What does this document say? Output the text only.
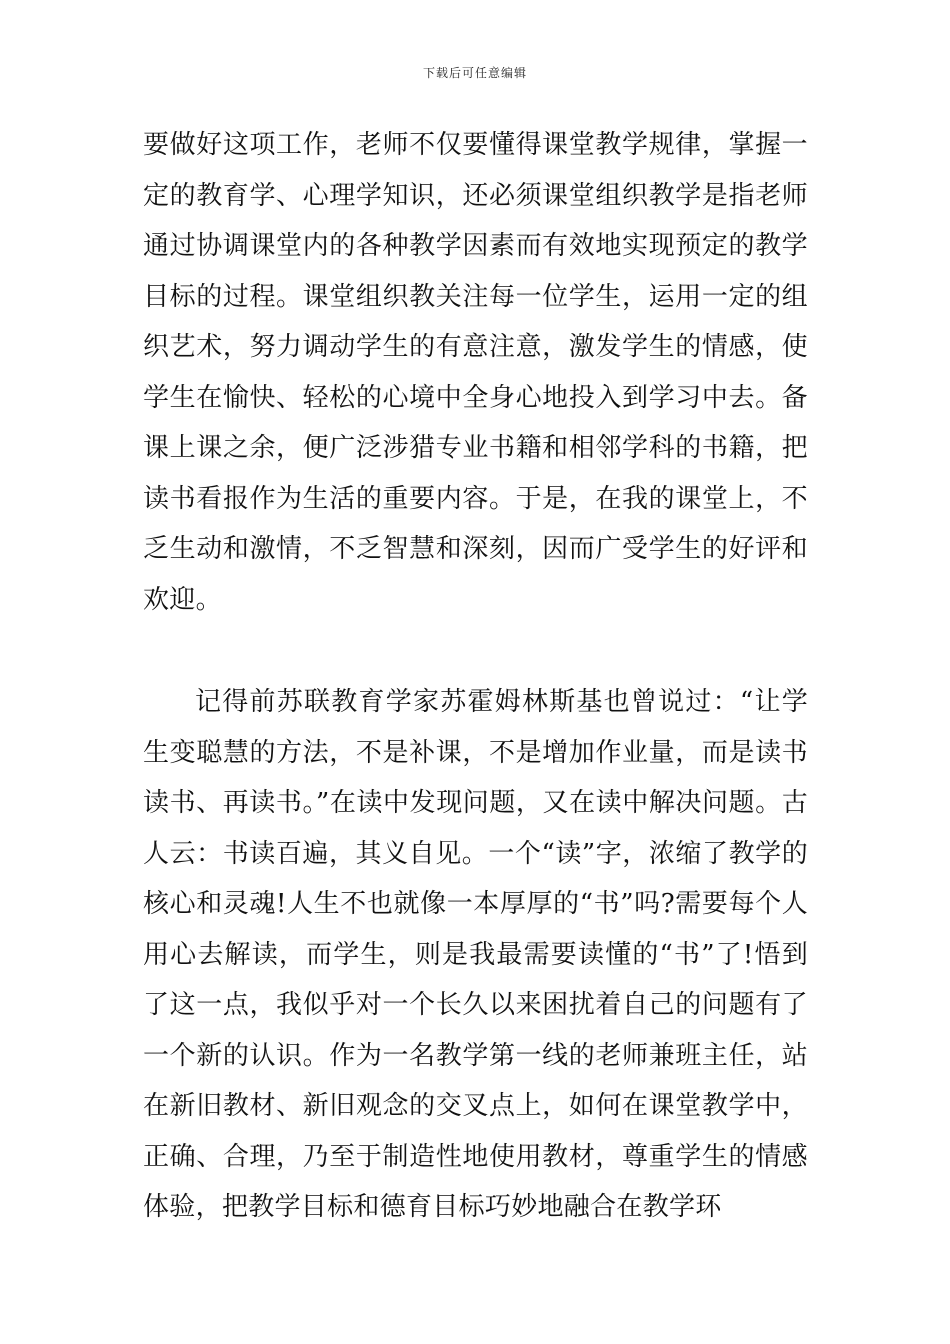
下载后可任意编辑

要做好这项工作，老师不仅要懂得课堂教学规律，掌握一定的教育学、心理学知识，还必须课堂组织教学是指老师通过协调课堂内的各种教学因素而有效地实现预定的教学目标的过程。课堂组织教关注每一位学生，运用一定的组织艺术，努力调动学生的有意注意，激发学生的情感，使学生在愉快、轻松的心境中全身心地投入到学习中去。备课上课之余，便广泛涉猎专业书籍和相邻学科的书籍，把读书看报作为生活的重要内容。于是，在我的课堂上，不乏生动和激情，不乏智慧和深刻，因而广受学生的好评和欢迎。

记得前苏联教育学家苏霍姆林斯基也曾说过：“让学生变聪慧的方法，不是补课，不是增加作业量，而是读书读书、再读书。”在读中发现问题，又在读中解决问题。古人云：书读百遍，其义自见。一个“读”字，浓缩了教学的核心和灵魂!人生不也就像一本厚厚的“书”吗?需要每个人用心去解读，而学生，则是我最需要读懂的“书”了!悟到了这一点，我似乎对一个长久以来困扰着自己的问题有了一个新的认识。作为一名教学第一线的老师兼班主任，站在新旧教材、新旧观念的交叉点上，如何在课堂教学中，正确、合理，乃至于制造性地使用教材，尊重学生的情感体验，把教学目标和德育目标巧妙地融合在教学环
